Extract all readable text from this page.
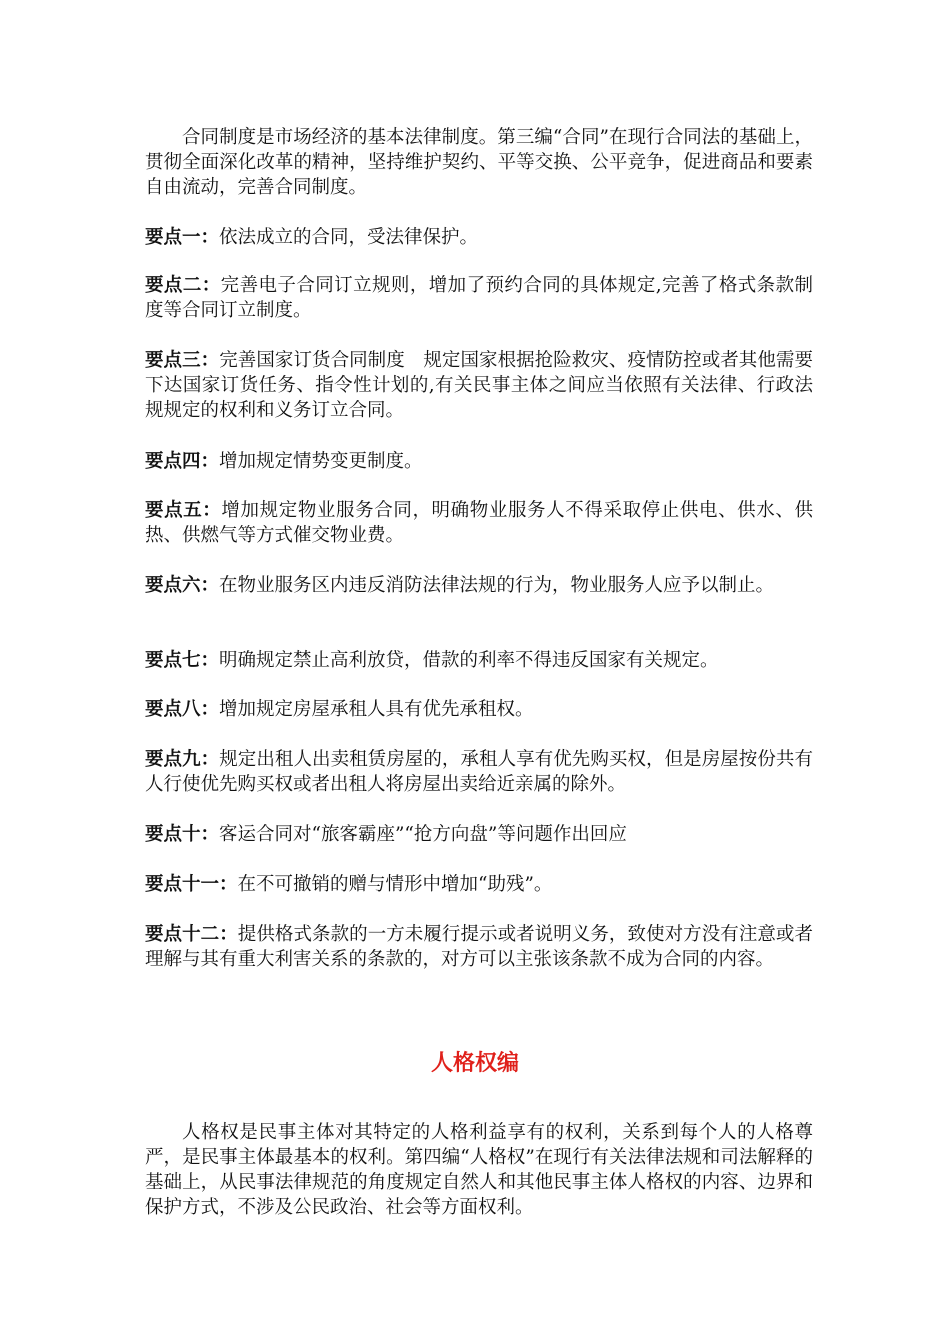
合同制度是市场经济的基本法律制度。第三编“合同”在现行合同法的基础上，贯彻全面深化改革的精神，坚持维护契约、平等交换、公平竞争，促进商品和要素自由流动，完善合同制度。

要点一：依法成立的合同，受法律保护。

要点二：完善电子合同订立规则，增加了预约合同的具体规定,完善了格式条款制度等合同订立制度。

要点三：完善国家订货合同制度　规定国家根据抢险救灾、疫情防控或者其他需要下达国家订货任务、指令性计划的,有关民事主体之间应当依照有关法律、行政法规规定的权利和义务订立合同。

要点四：增加规定情势变更制度。

要点五：增加规定物业服务合同，明确物业服务人不得采取停止供电、供水、供热、供燃气等方式催交物业费。

要点六：在物业服务区内违反消防法律法规的行为，物业服务人应予以制止。

要点七：明确规定禁止高利放贷，借款的利率不得违反国家有关规定。

要点八：增加规定房屋承租人具有优先承租权。

要点九：规定出租人出卖租赁房屋的，承租人享有优先购买权，但是房屋按份共有人行使优先购买权或者出租人将房屋出卖给近亲属的除外。

要点十：客运合同对“旅客霸座”“抢方向盘”等问题作出回应

要点十一：在不可撤销的赠与情形中增加“助残”。

要点十二：提供格式条款的一方未履行提示或者说明义务，致使对方没有注意或者理解与其有重大利害关系的条款的，对方可以主张该条款不成为合同的内容。

人格权编

人格权是民事主体对其特定的人格利益享有的权利，关系到每个人的人格尊严，是民事主体最基本的权利。第四编“人格权”在现行有关法律法规和司法解释的基础上，从民事法律规范的角度规定自然人和其他民事主体人格权的内容、边界和保护方式，不涉及公民政治、社会等方面权利。
